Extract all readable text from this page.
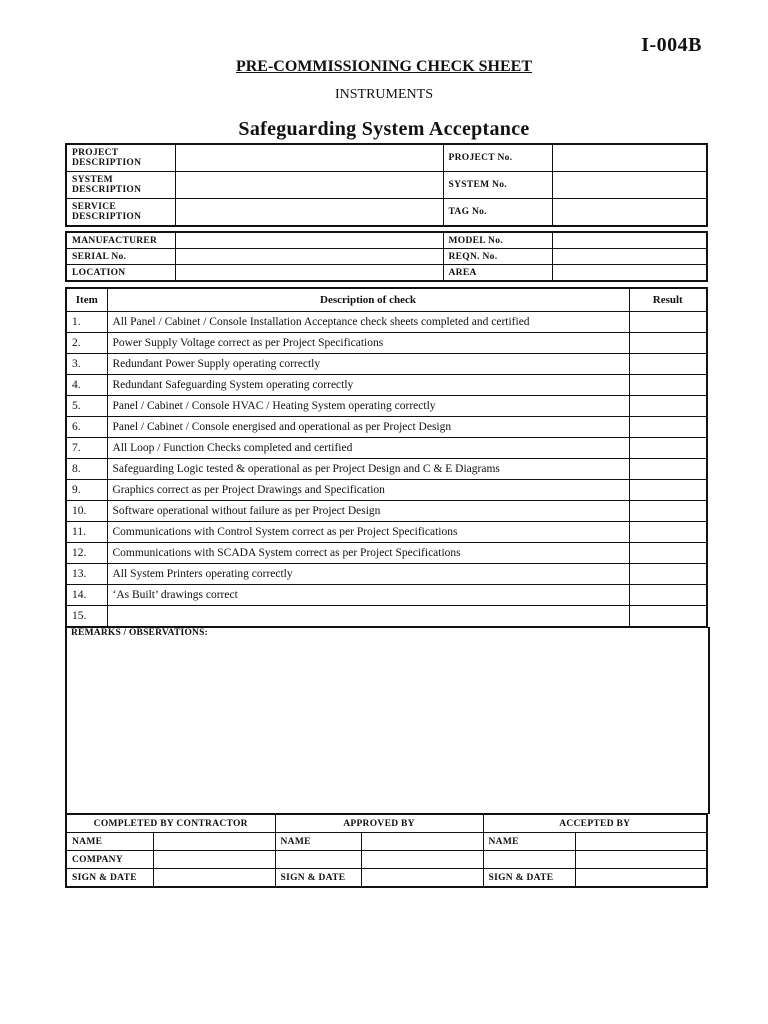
I-004B
PRE-COMMISSIONING CHECK SHEET
INSTRUMENTS
Safeguarding System Acceptance
PROJECT DESCRIPTION		PROJECT No.	
SYSTEM DESCRIPTION		SYSTEM No.	
SERVICE DESCRIPTION		TAG No.	
MANUFACTURER		MODEL No.	
SERIAL No.		REQN. No.	
LOCATION		AREA	
Item	Description of check	Result
1.	All Panel / Cabinet / Console Installation Acceptance check sheets completed and certified	
2.	Power Supply Voltage correct as per Project Specifications	
3.	Redundant Power Supply operating correctly	
4.	Redundant Safeguarding System operating correctly	
5.	Panel / Cabinet / Console HVAC / Heating System operating correctly	
6.	Panel / Cabinet / Console energised and operational as per Project Design	
7.	All Loop / Function Checks completed and certified	
8.	Safeguarding Logic tested & operational as per Project Design and C & E Diagrams	
9.	Graphics correct as per Project Drawings and Specification	
10.	Software operational without failure as per Project Design	
11.	Communications with Control System correct as per Project Specifications	
12.	Communications with SCADA System correct as per Project Specifications	
13.	All System Printers operating correctly	
14.	‘As Built’ drawings correct	
15.		
REMARKS / OBSERVATIONS:
COMPLETED BY CONTRACTOR		APPROVED BY		ACCEPTED BY	
NAME		NAME		NAME	
COMPANY					
SIGN & DATE		SIGN & DATE		SIGN & DATE	
